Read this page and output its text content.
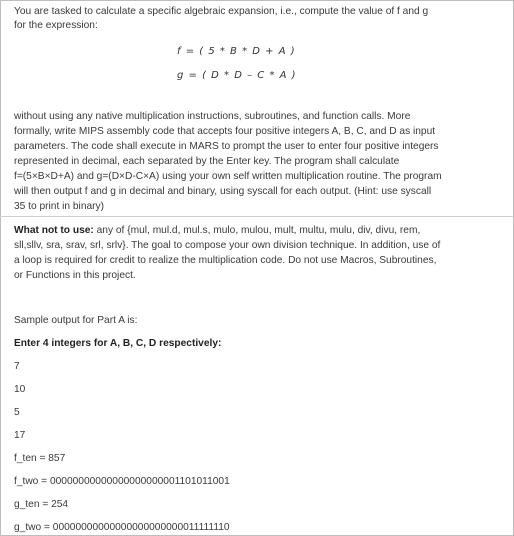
You are tasked to calculate a specific algebraic expansion, i.e., compute the value of f and g
for the expression:
f = ( 5 * B * D + A )
g = ( D * D – C * A )
without using any native multiplication instructions, subroutines, and function calls. More
formally, write MIPS assembly code that accepts four positive integers A, B, C, and D as input
parameters. The code shall execute in MARS to prompt the user to enter four positive integers
represented in decimal, each separated by the Enter key. The program shall calculate
f=(5×B×D+A) and g=(D×D-C×A) using your own self written multiplication routine. The program
will then output f and g in decimal and binary, using syscall for each output. (Hint: use syscall
35 to print in binary)
What not to use: any of {mul, mul.d, mul.s, mulo, mulou, mult, multu, mulu, div, divu, rem,
sll,sllv, sra, srav, srl, srlv}. The goal to compose your own division technique. In addition, use of
a loop is required for credit to realize the multiplication code. Do not use Macros, Subroutines,
or Functions in this project.
Sample output for Part A is:
Enter 4 integers for A, B, C, D respectively:
7
10
5
17
f_ten = 857
f_two = 00000000000000000000001101011001
g_ten = 254
g_two = 00000000000000000000000011111110
